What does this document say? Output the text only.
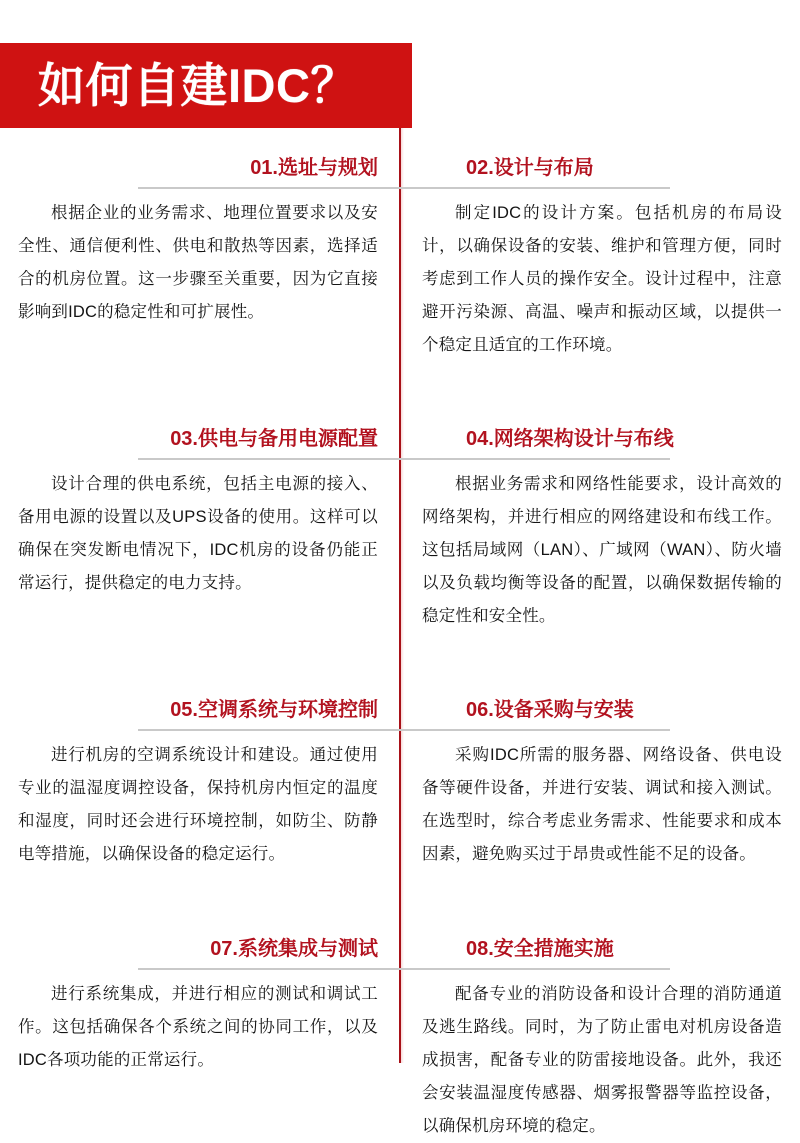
如何自建IDC？
01.选址与规划
根据企业的业务需求、地理位置要求以及安全性、通信便利性、供电和散热等因素，选择适合的机房位置。这一步骤至关重要，因为它直接影响到IDC的稳定性和可扩展性。
02.设计与布局
制定IDC的设计方案。包括机房的布局设计，以确保设备的安装、维护和管理方便，同时考虑到工作人员的操作安全。设计过程中，注意避开污染源、高温、噪声和振动区域，以提供一个稳定且适宜的工作环境。
03.供电与备用电源配置
设计合理的供电系统，包括主电源的接入、备用电源的设置以及UPS设备的使用。这样可以确保在突发断电情况下，IDC机房的设备仍能正常运行，提供稳定的电力支持。
04.网络架构设计与布线
根据业务需求和网络性能要求，设计高效的网络架构，并进行相应的网络建设和布线工作。这包括局域网（LAN）、广域网（WAN）、防火墙以及负载均衡等设备的配置，以确保数据传输的稳定性和安全性。
05.空调系统与环境控制
进行机房的空调系统设计和建设。通过使用专业的温湿度调控设备，保持机房内恒定的温度和湿度，同时还会进行环境控制，如防尘、防静电等措施，以确保设备的稳定运行。
06.设备采购与安装
采购IDC所需的服务器、网络设备、供电设备等硬件设备，并进行安装、调试和接入测试。在选型时，综合考虑业务需求、性能要求和成本因素，避免购买过于昂贵或性能不足的设备。
07.系统集成与测试
进行系统集成，并进行相应的测试和调试工作。这包括确保各个系统之间的协同工作，以及IDC各项功能的正常运行。
08.安全措施实施
配备专业的消防设备和设计合理的消防通道及逃生路线。同时，为了防止雷电对机房设备造成损害，配备专业的防雷接地设备。此外，我还会安装温湿度传感器、烟雾报警器等监控设备，以确保机房环境的稳定。
